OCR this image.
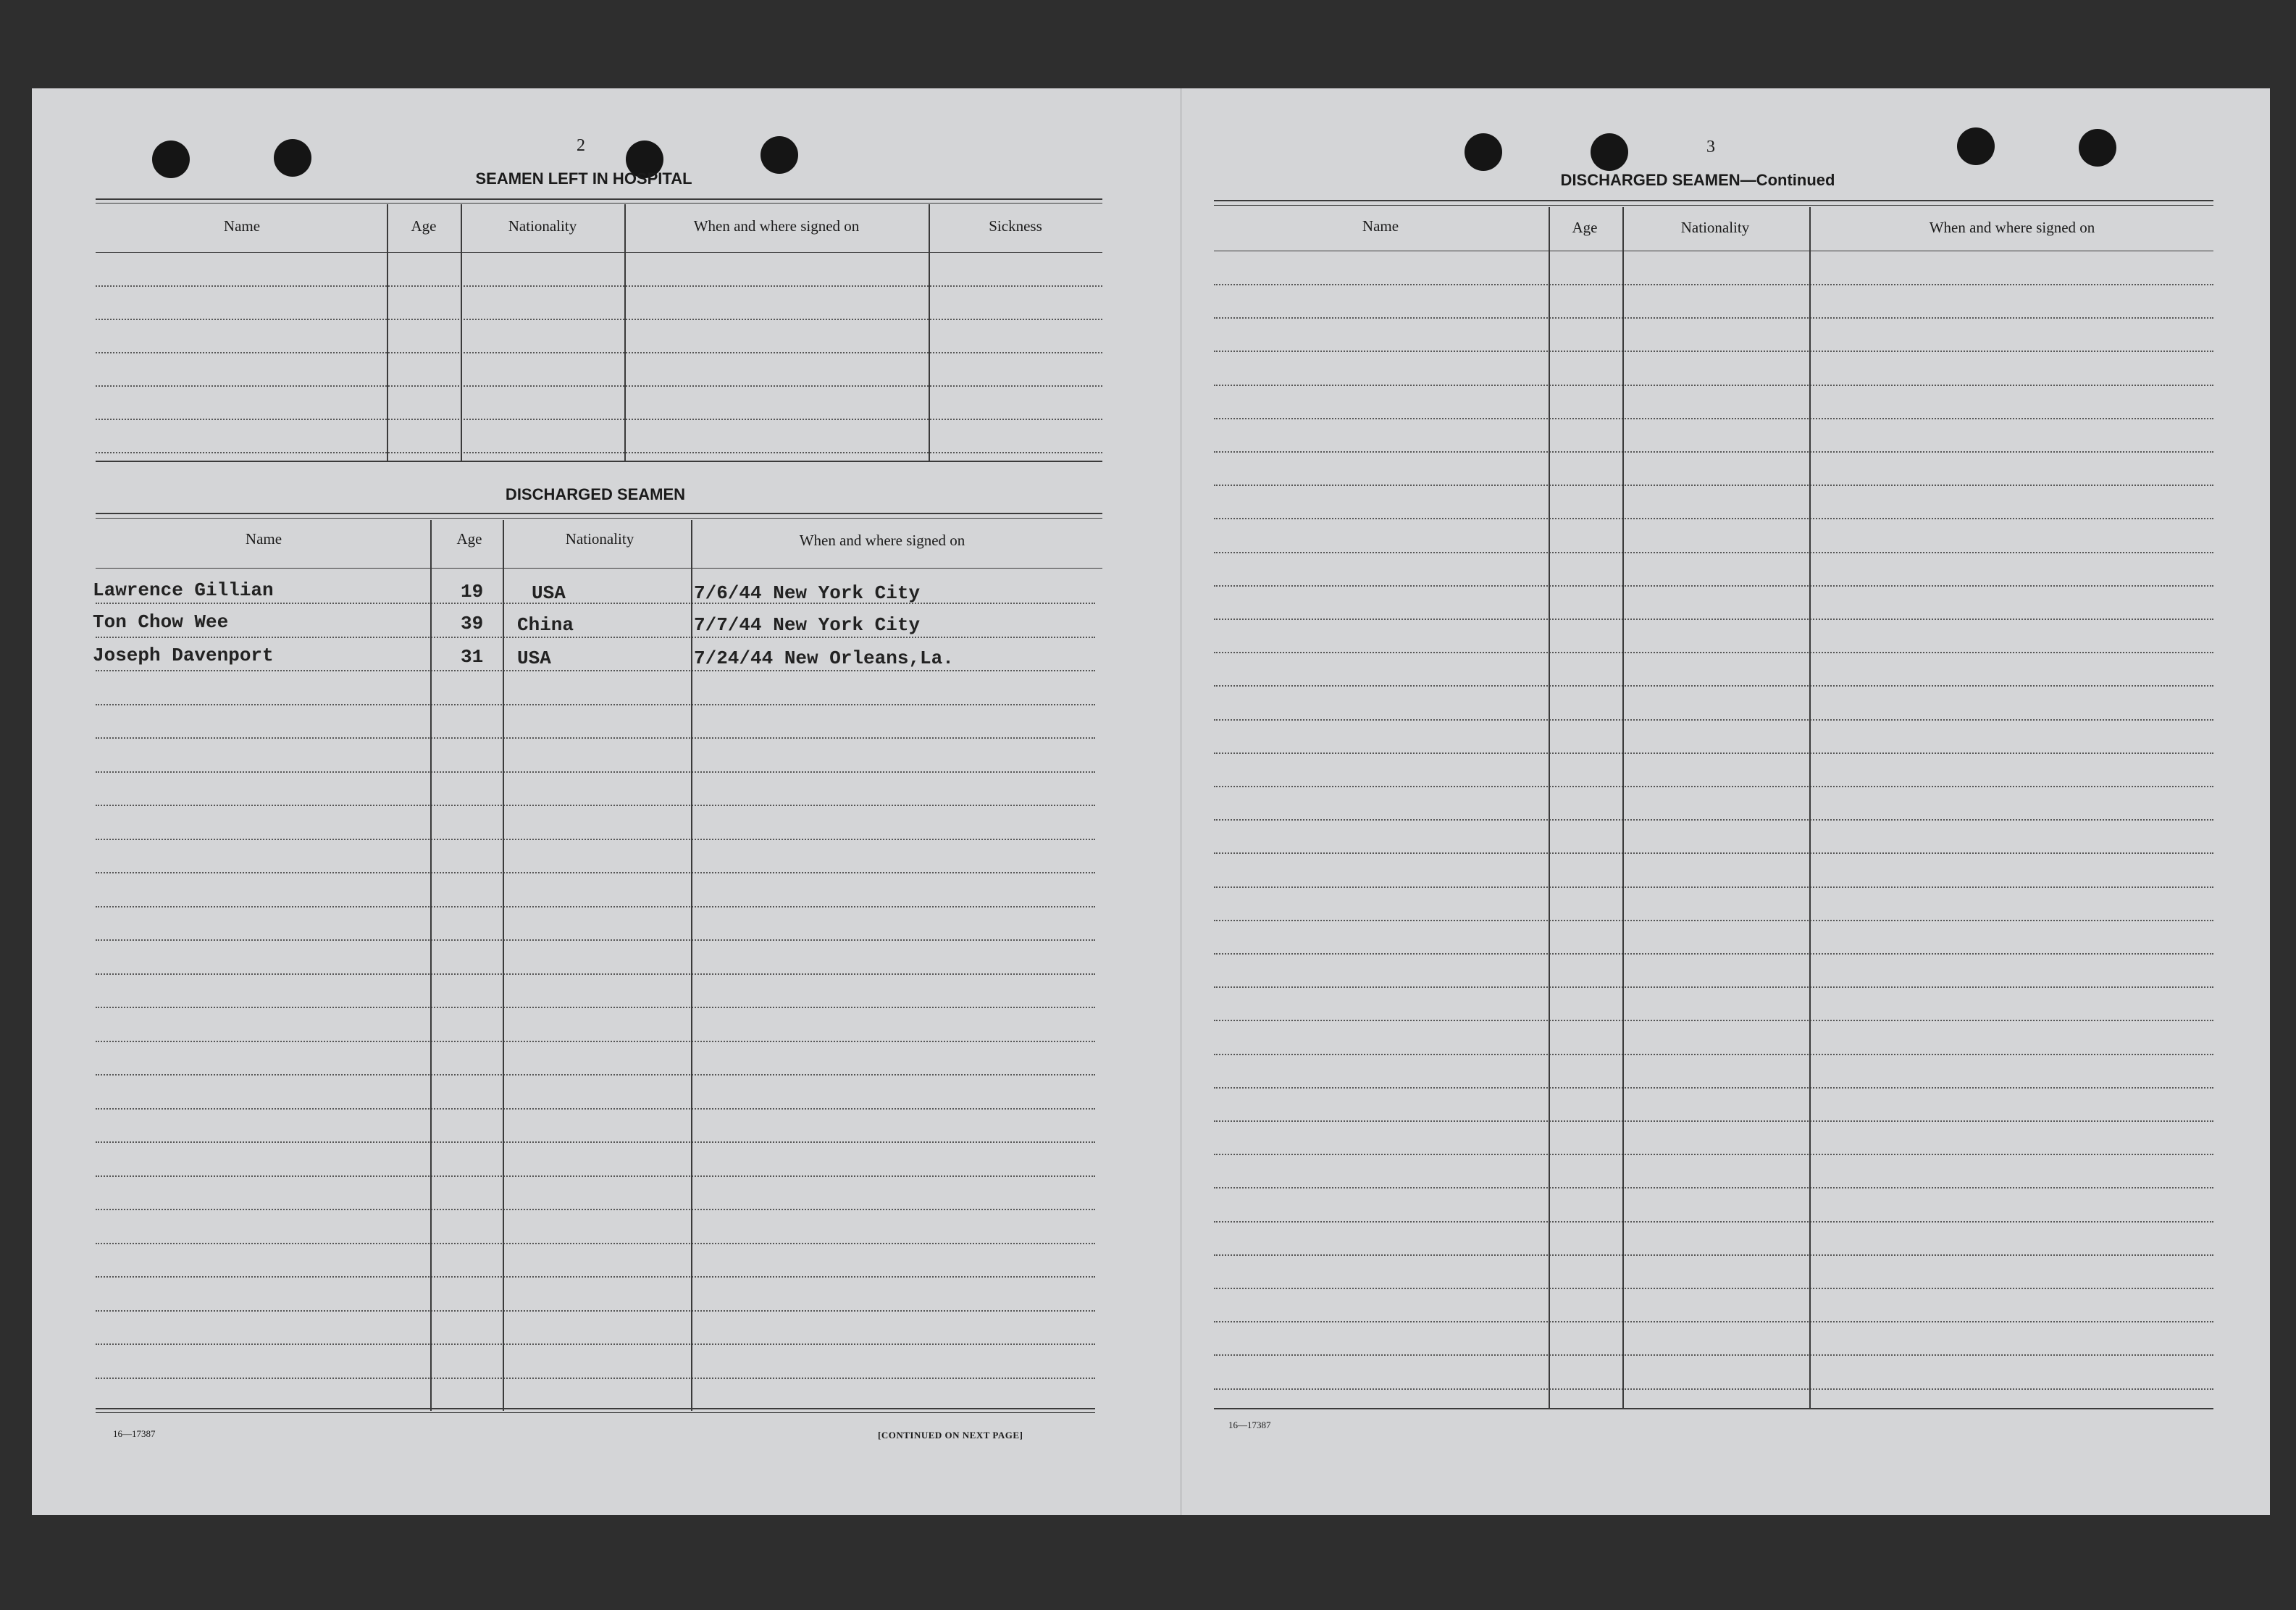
2
SEAMEN LEFT IN HOSPITAL
Name	Age	Nationality	When and where signed on	Sickness
DISCHARGED SEAMEN
Name	Age	Nationality	When and where signed on
Lawrence Gillian	19	USA	7/6/44 New York City
Ton Chow Wee	39 China	7/7/44 New York City
Joseph Davenport	31 USA	7/24/44 New Orleans,La.
16—17387	[CONTINUED ON NEXT PAGE]
3
DISCHARGED SEAMEN—Continued
Name	Age	Nationality	When and where signed on
16—17387
